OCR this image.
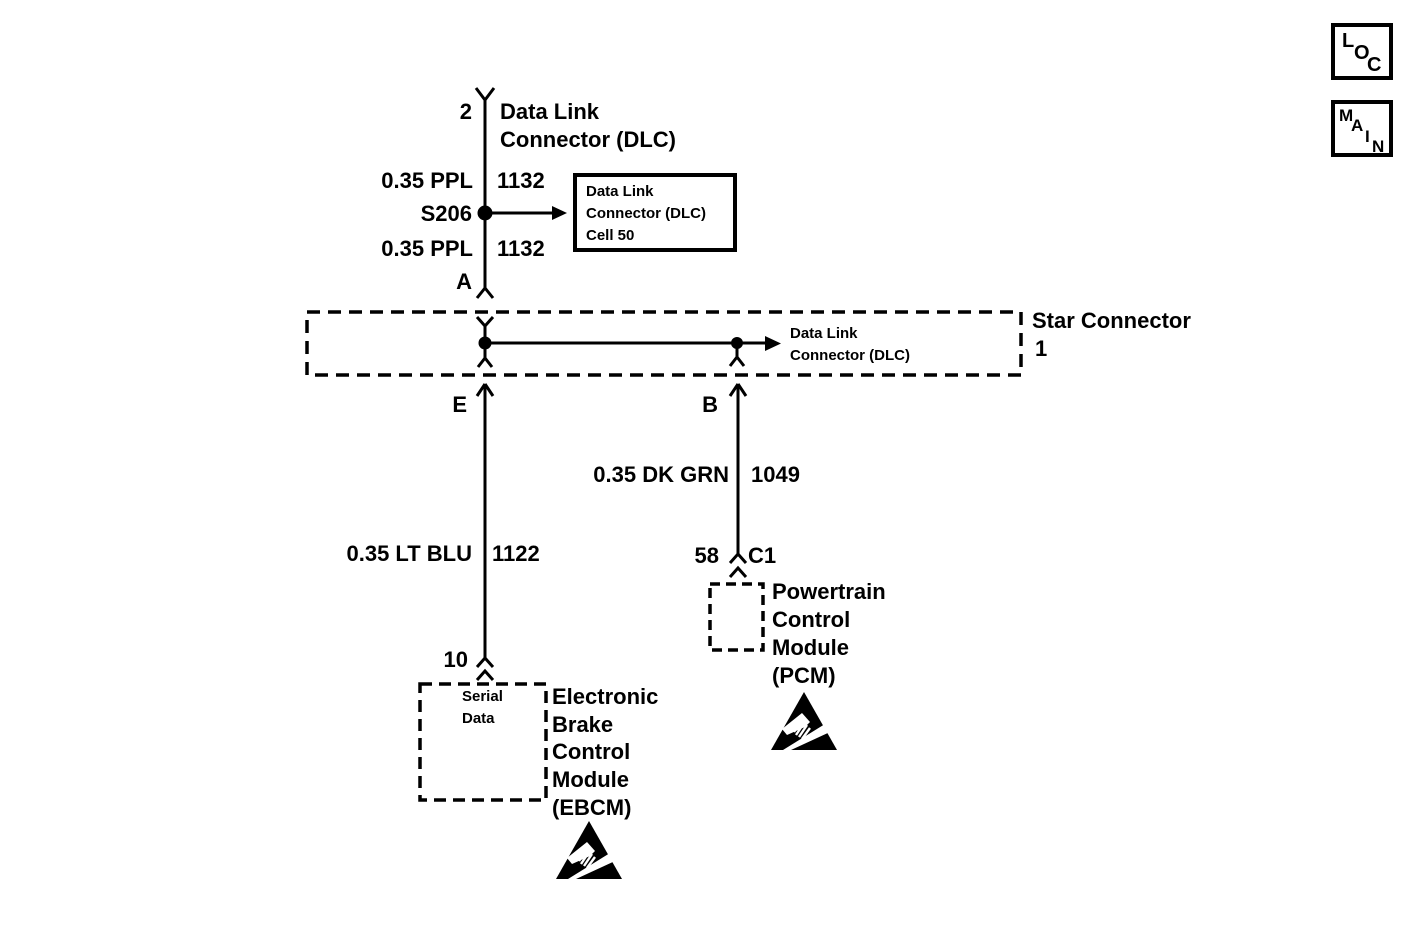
2 Data Link
Connector (DLC)
0.35 PPL 1132
S206
Data Link
Connector (DLC)
Cell 50
0.35 PPL 1132
A
Star Connector
1
Data Link
Connector (DLC)
E	B
0.35 DK GRN 1049
0.35 LT BLU 1122	58 C1
Powertrain
Control
Module
(PCM)
10
Serial
Data
Electronic
Brake
Control
Module
(EBCM)
L
O
C
M
A
I
N
